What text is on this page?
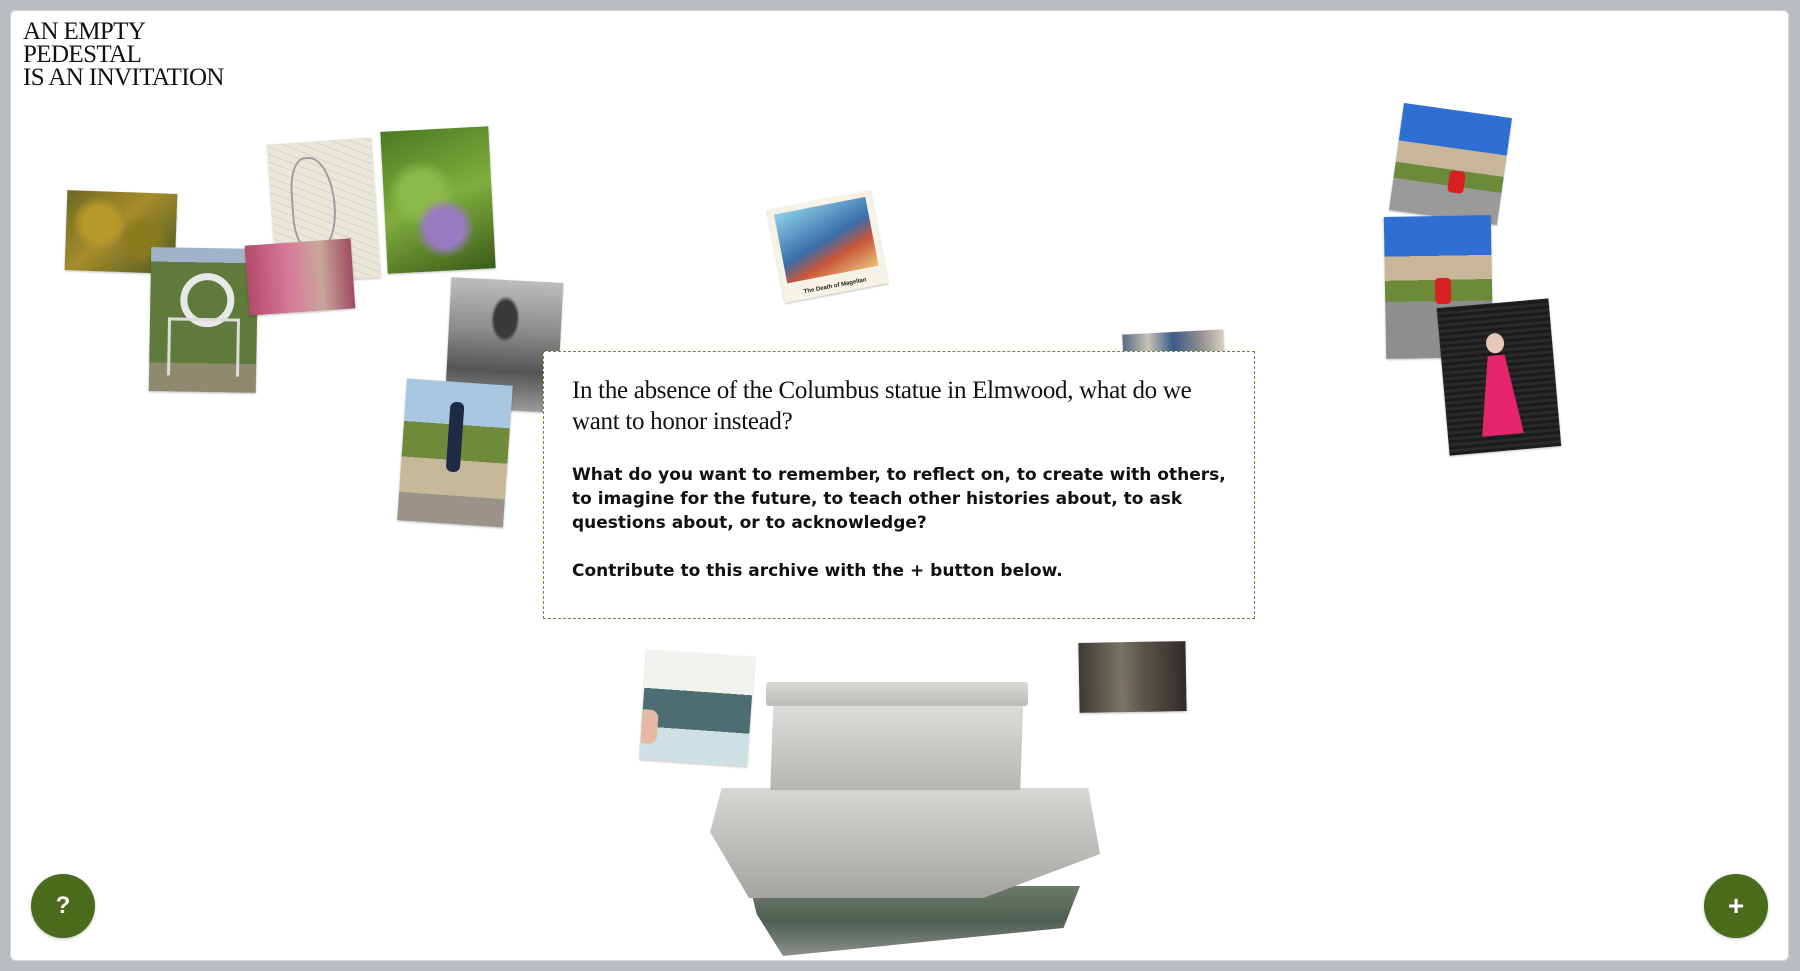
AN EMPTY
PEDESTAL
IS AN INVITATION
The Death of Magellan
In the absence of the Columbus statue in Elmwood, what do we want to honor instead?

What do you want to remember, to reflect on, to create with others, to imagine for the future, to teach other histories about, to ask questions about, or to acknowledge?

Contribute to this archive with the + button below.

?	+
